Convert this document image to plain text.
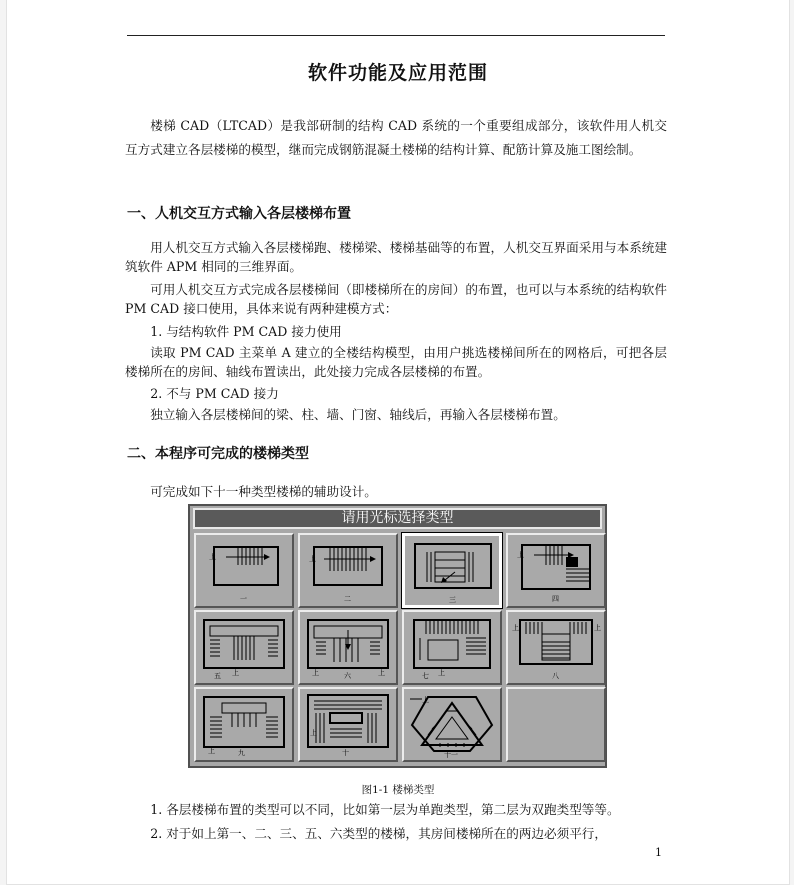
软件功能及应用范围

楼梯 CAD（LTCAD）是我部研制的结构 CAD 系统的一个重要组成部分，该软件用人机交互方式建立各层楼梯的模型，继而完成钢筋混凝土楼梯的结构计算、配筋计算及施工图绘制。

一、人机交互方式输入各层楼梯布置

用人机交互方式输入各层楼梯跑、楼梯梁、楼梯基础等的布置，人机交互界面采用与本系统建筑软件 APM 相同的三维界面。

可用人机交互方式完成各层楼梯间（即楼梯所在的房间）的布置，也可以与本系统的结构软件 PM CAD 接口使用，具体来说有两种建模方式：

1. 与结构软件 PM CAD 接力使用

读取 PM CAD 主菜单 A 建立的全楼结构模型，由用户挑选楼梯间所在的网格后，可把各层楼梯所在的房间、轴线布置读出，此处接力完成各层楼梯的布置。

2. 不与 PM CAD 接力

独立输入各层楼梯间的梁、柱、墙、门窗、轴线后，再输入各层楼梯布置。

二、本程序可完成的楼梯类型

可完成如下十一种类型楼梯的辅助设计。

请用光标选择类型
上
一
上
二	三
上
四
上
五	上	上
六	上
七
上	上
八
上	九
上
十
上
十一
图1-1 楼梯类型

1. 各层楼梯布置的类型可以不同，比如第一层为单跑类型，第二层为双跑类型等等。

2. 对于如上第一、二、三、五、六类型的楼梯，其房间楼梯所在的两边必须平行，

1
